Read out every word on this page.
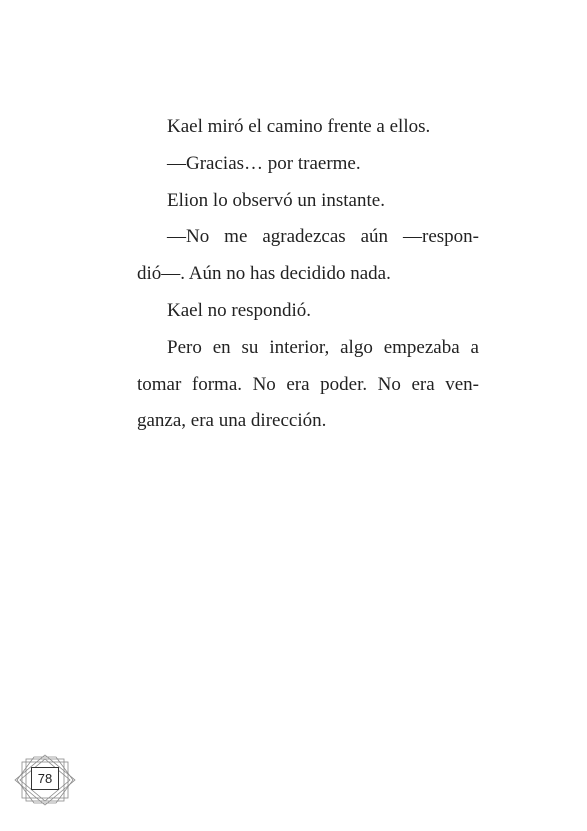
Kael miró el camino frente a ellos.
—Gracias… por traerme.
Elion lo observó un instante.
—No me agradezcas aún —respon-
dió—. Aún no has decidido nada.
Kael no respondió.
Pero en su interior, algo empezaba a
tomar forma. No era poder. No era ven-
ganza, era una dirección.
78
